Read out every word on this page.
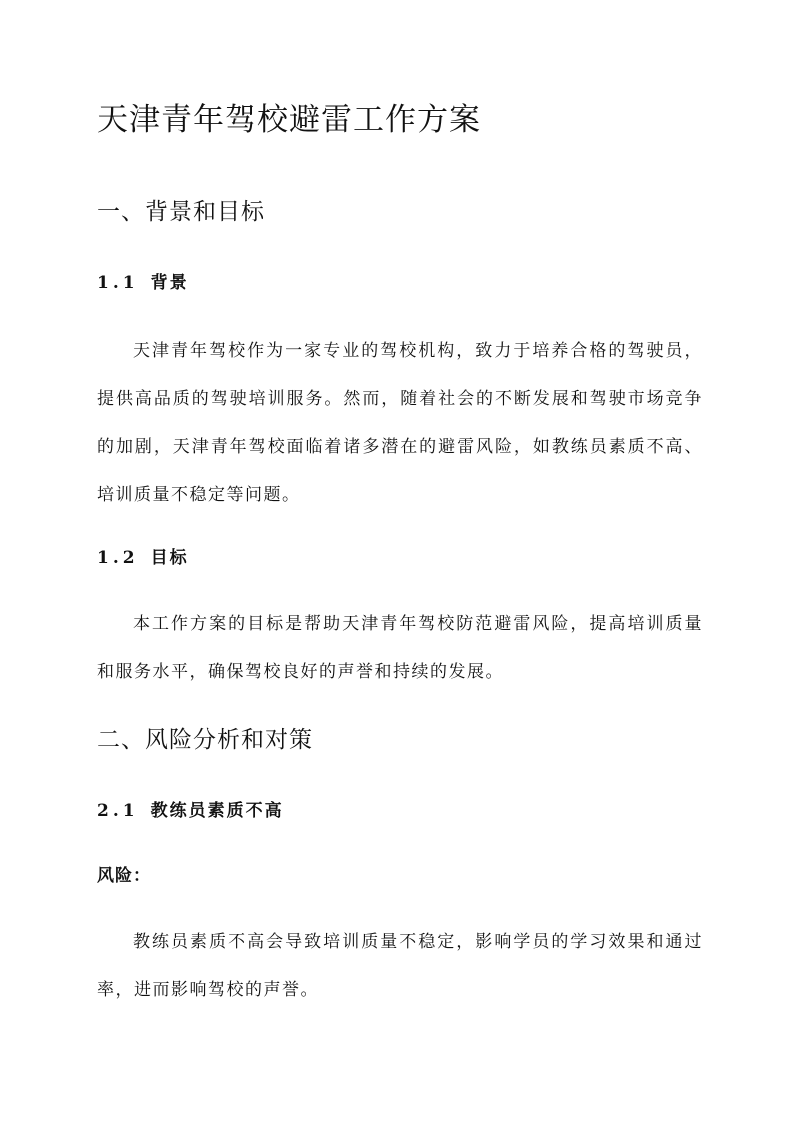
天津青年驾校避雷工作方案
一、背景和目标
1.1 背景

天津青年驾校作为一家专业的驾校机构，致力于培养合格的驾驶员，提供高品质的驾驶培训服务。然而，随着社会的不断发展和驾驶市场竞争的加剧，天津青年驾校面临着诸多潜在的避雷风险，如教练员素质不高、培训质量不稳定等问题。

1.2 目标

本工作方案的目标是帮助天津青年驾校防范避雷风险，提高培训质量和服务水平，确保驾校良好的声誉和持续的发展。

二、风险分析和对策
2.1 教练员素质不高

风险：

教练员素质不高会导致培训质量不稳定，影响学员的学习效果和通过率，进而影响驾校的声誉。
